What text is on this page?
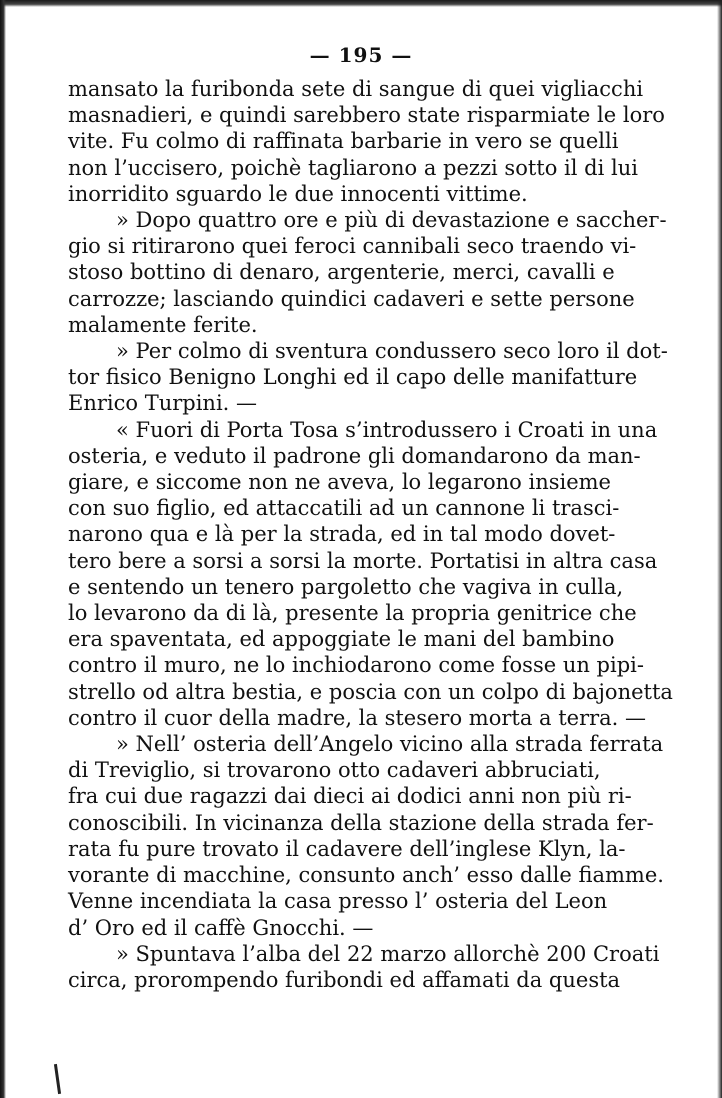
— 195 —
mansato la furibonda sete di sangue di quei vigliacchi
masnadieri, e quindi sarebbero state risparmiate le loro
vite. Fu colmo di raffinata barbarie in vero se quelli
non l’uccisero, poichè tagliarono a pezzi sotto il di lui
inorridito sguardo le due innocenti vittime.
» Dopo quattro ore e più di devastazione e sacchег-
gio si ritirarono quei feroci cannibali seco traendo vi-
stoso bottino di denaro, argenterie, merci, cavalli e
carrozze; lasciando quindici cadaveri e sette persone
malamente ferite.
» Per colmo di sventura condussero seco loro il dot-
tor fisico Benigno Longhi ed il capo delle manifatture
Enrico Turpini. —
« Fuori di Porta Tosa s’introdussero i Croati in una
osteria, e veduto il padrone gli domandarono da man-
giare, e siccome non ne aveva, lo legarono insieme
con suo figlio, ed attaccatili ad un cannone li trasci-
narono qua e là per la strada, ed in tal modo dovet-
tero bere a sorsi a sorsi la morte. Portatisi in altra casa
e sentendo un tenero pargoletto che vagiva in culla,
lo levarono da di là, presente la propria genitrice che
era spaventata, ed appoggiate le mani del bambino
contro il muro, ne lo inchiodarono come fosse un pipi-
strello od altra bestia, e poscia con un colpo di bajonetta
contro il cuor della madre, la stesero morta a terra. —
» Nell’ osteria dell’Angelo vicino alla strada ferrata
di Treviglio, si trovarono otto cadaveri abbruciati,
fra cui due ragazzi dai dieci ai dodici anni non più ri-
conoscibili. In vicinanza della stazione della strada fer-
rata fu pure trovato il cadavere dell’inglese Klyn, la-
vorante di macchine, consunto anch’ esso dalle fiamme.
Venne incendiata la casa presso l’ osteria del Leon
d’ Oro ed il caffè Gnocchi. —
» Spuntava l’alba del 22 marzo allorchè 200 Croati
circa, prorompendo furibondi ed affamati da questa
